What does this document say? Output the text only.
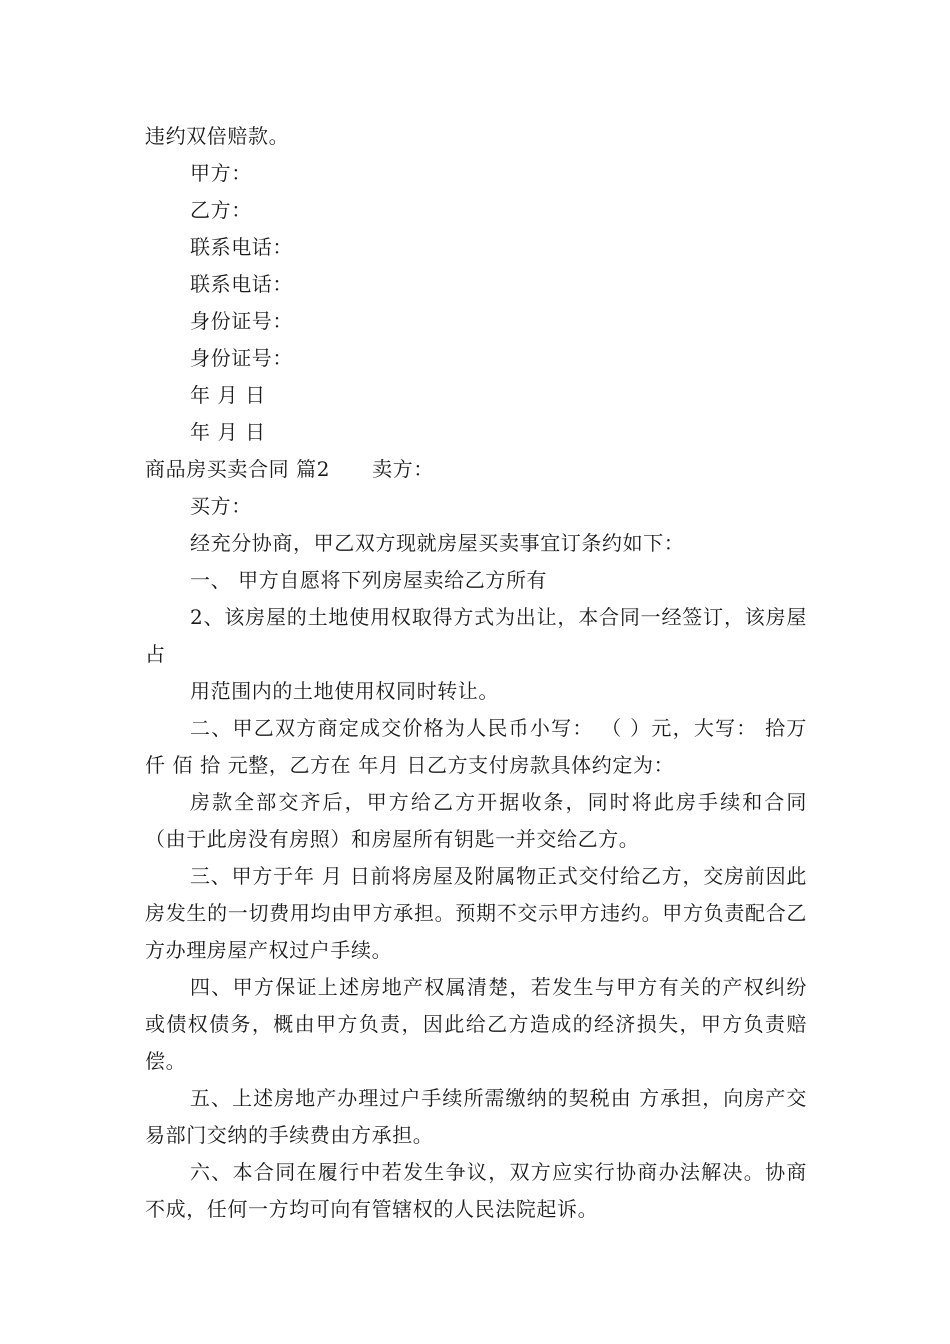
违约双倍赔款。
甲方：
乙方：
联系电话：
联系电话：
身份证号：
身份证号：
年 月 日
年 月 日
商品房买卖合同 篇2 卖方：
买方：
经充分协商，甲乙双方现就房屋买卖事宜订条约如下：
一、 甲方自愿将下列房屋卖给乙方所有

2、该房屋的土地使用权取得方式为出让，本合同一经签订，该房屋占

用范围内的土地使用权同时转让。

二、甲乙双方商定成交价格为人民币小写： （ ）元，大写： 拾万 仟 佰 拾 元整，乙方在 年月 日乙方支付房款具体约定为：

房款全部交齐后，甲方给乙方开据收条，同时将此房手续和合同（由于此房没有房照）和房屋所有钥匙一并交给乙方。

三、甲方于年 月 日前将房屋及附属物正式交付给乙方，交房前因此房发生的一切费用均由甲方承担。预期不交示甲方违约。甲方负责配合乙方办理房屋产权过户手续。

四、甲方保证上述房地产权属清楚，若发生与甲方有关的产权纠纷或债权债务，概由甲方负责，因此给乙方造成的经济损失，甲方负责赔偿。

五、上述房地产办理过户手续所需缴纳的契税由 方承担，向房产交易部门交纳的手续费由方承担。

六、本合同在履行中若发生争议，双方应实行协商办法解决。协商不成，任何一方均可向有管辖权的人民法院起诉。
